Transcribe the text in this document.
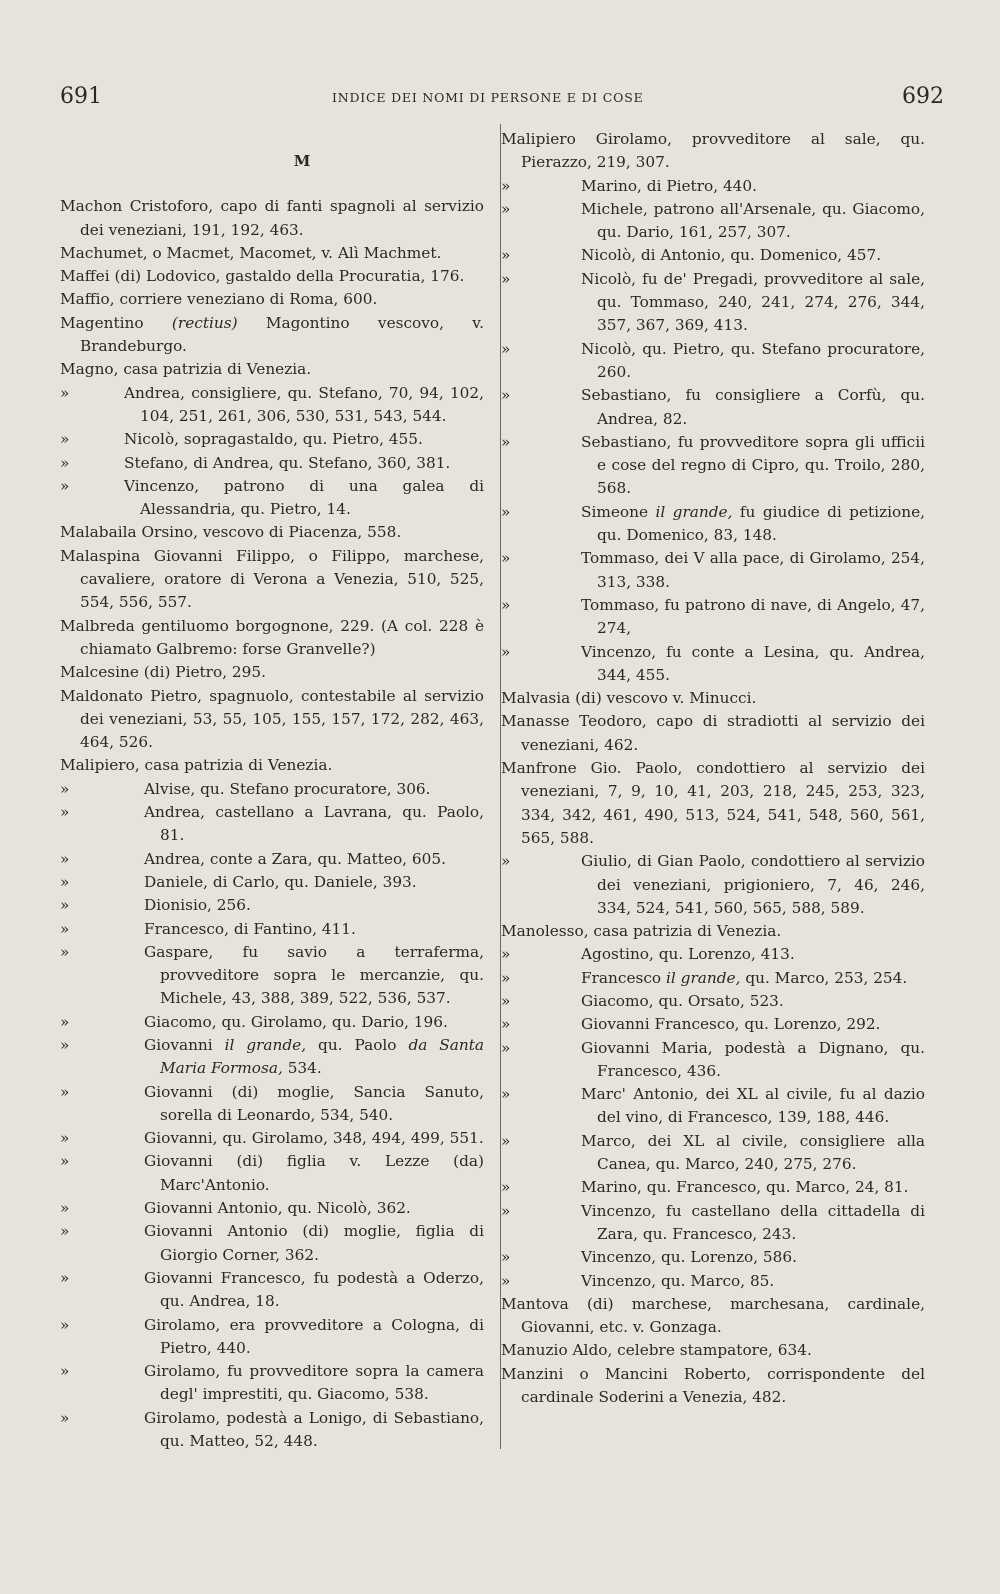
691	INDICE DEI NOMI DI PERSONE E DI COSE	692
M
Machon Cristoforo, capo di fanti spagnoli al servizio dei veneziani, 191, 192, 463.
Machumet, o Macmet, Macomet, v. Alì Machmet.
Maffei (di) Lodovico, gastaldo della Procuratia, 176.
Maffio, corriere veneziano di Roma, 600.
Magentino (rectius) Magontino vescovo, v. Brandeburgo.
Magno, casa patrizia di Venezia.
»	Andrea, consigliere, qu. Stefano, 70, 94, 102, 104, 251, 261, 306, 530, 531, 543, 544.
»	Nicolò, sopragastaldo, qu. Pietro, 455.
»	Stefano, di Andrea, qu. Stefano, 360, 381.
»	Vincenzo, patrono di una galea di Alessandria, qu. Pietro, 14.
Malabaila Orsino, vescovo di Piacenza, 558.
Malaspina Giovanni Filippo, o Filippo, marchese, cavaliere, oratore di Verona a Venezia, 510, 525, 554, 556, 557.
Malbreda gentiluomo borgognone, 229. (A col. 228 è chiamato Galbremo: forse Granvelle?)
Malcesine (di) Pietro, 295.
Maldonato Pietro, spagnuolo, contestabile al servizio dei veneziani, 53, 55, 105, 155, 157, 172, 282, 463, 464, 526.
Malipiero, casa patrizia di Venezia.
»	Alvise, qu. Stefano procuratore, 306.
»	Andrea, castellano a Lavrana, qu. Paolo, 81.
»	Andrea, conte a Zara, qu. Matteo, 605.
»	Daniele, di Carlo, qu. Daniele, 393.
»	Dionisio, 256.
»	Francesco, di Fantino, 411.
»	Gaspare, fu savio a terraferma, provveditore sopra le mercanzie, qu. Michele, 43, 388, 389, 522, 536, 537.
»	Giacomo, qu. Girolamo, qu. Dario, 196.
»	Giovanni il grande, qu. Paolo da Santa Maria Formosa, 534.
»	Giovanni (di) moglie, Sancia Sanuto, sorella di Leonardo, 534, 540.
»	Giovanni, qu. Girolamo, 348, 494, 499, 551.
»	Giovanni (di) figlia v. Lezze (da) Marc'Antonio.
»	Giovanni Antonio, qu. Nicolò, 362.
»	Giovanni Antonio (di) moglie, figlia di Giorgio Corner, 362.
»	Giovanni Francesco, fu podestà a Oderzo, qu. Andrea, 18.
»	Girolamo, era provveditore a Cologna, di Pietro, 440.
»	Girolamo, fu provveditore sopra la camera degl' imprestiti, qu. Giacomo, 538.
»	Girolamo, podestà a Lonigo, di Sebastiano, qu. Matteo, 52, 448.
Malipiero Girolamo, provveditore al sale, qu. Pierazzo, 219, 307.
»	Marino, di Pietro, 440.
»	Michele, patrono all'Arsenale, qu. Giacomo, qu. Dario, 161, 257, 307.
»	Nicolò, di Antonio, qu. Domenico, 457.
»	Nicolò, fu de' Pregadi, provveditore al sale, qu. Tommaso, 240, 241, 274, 276, 344, 357, 367, 369, 413.
»	Nicolò, qu. Pietro, qu. Stefano procuratore, 260.
»	Sebastiano, fu consigliere a Corfù, qu. Andrea, 82.
»	Sebastiano, fu provveditore sopra gli ufficii e cose del regno di Cipro, qu. Troilo, 280, 568.
»	Simeone il grande, fu giudice di petizione, qu. Domenico, 83, 148.
»	Tommaso, dei V alla pace, di Girolamo, 254, 313, 338.
»	Tommaso, fu patrono di nave, di Angelo, 47, 274,
»	Vincenzo, fu conte a Lesina, qu. Andrea, 344, 455.
Malvasia (di) vescovo v. Minucci.
Manasse Teodoro, capo di stradiotti al servizio dei veneziani, 462.
Manfrone Gio. Paolo, condottiero al servizio dei veneziani, 7, 9, 10, 41, 203, 218, 245, 253, 323, 334, 342, 461, 490, 513, 524, 541, 548, 560, 561, 565, 588.
»	Giulio, di Gian Paolo, condottiero al servizio dei veneziani, prigioniero, 7, 46, 246, 334, 524, 541, 560, 565, 588, 589.
Manolesso, casa patrizia di Venezia.
»	Agostino, qu. Lorenzo, 413.
»	Francesco il grande, qu. Marco, 253, 254.
»	Giacomo, qu. Orsato, 523.
»	Giovanni Francesco, qu. Lorenzo, 292.
»	Giovanni Maria, podestà a Dignano, qu. Francesco, 436.
»	Marc' Antonio, dei XL al civile, fu al dazio del vino, di Francesco, 139, 188, 446.
»	Marco, dei XL al civile, consigliere alla Canea, qu. Marco, 240, 275, 276.
»	Marino, qu. Francesco, qu. Marco, 24, 81.
»	Vincenzo, fu castellano della cittadella di Zara, qu. Francesco, 243.
»	Vincenzo, qu. Lorenzo, 586.
»	Vincenzo, qu. Marco, 85.
Mantova (di) marchese, marchesana, cardinale, Giovanni, etc. v. Gonzaga.
Manuzio Aldo, celebre stampatore, 634.
Manzini o Mancini Roberto, corrispondente del cardinale Soderini a Venezia, 482.
